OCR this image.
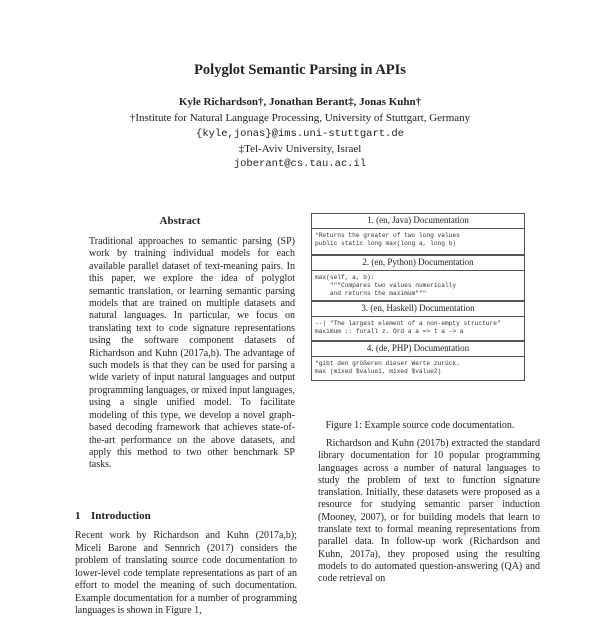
Polyglot Semantic Parsing in APIs
Kyle Richardson†, Jonathan Berant‡, Jonas Kuhn†
†Institute for Natural Language Processing, University of Stuttgart, Germany
{kyle,jonas}@ims.uni-stuttgart.de
‡Tel-Aviv University, Israel
joberant@cs.tau.ac.il
Abstract
Traditional approaches to semantic parsing (SP) work by training individual models for each available parallel dataset of text-meaning pairs. In this paper, we explore the idea of polyglot semantic translation, or learning semantic parsing models that are trained on multiple datasets and natural languages. In particular, we focus on translating text to code signature representations using the software component datasets of Richardson and Kuhn (2017a,b). The advantage of such models is that they can be used for parsing a wide variety of input natural languages and output programming languages, or mixed input languages, using a single unified model. To facilitate modeling of this type, we develop a novel graph-based decoding framework that achieves state-of-the-art performance on the above datasets, and apply this method to two other benchmark SP tasks.
1 Introduction
Recent work by Richardson and Kuhn (2017a,b); Miceli Barone and Sennrich (2017) considers the problem of translating source code documentation to lower-level code template representations as part of an effort to model the meaning of such documentation. Example documentation for a number of programming languages is shown in Figure 1,
1. (en, Java) Documentation
*Returns the greater of two long values
public static long max(long a, long b)
2. (en, Python) Documentation
max(self, a, b):
"""Compares two values numerically
and returns the maximum"""
3. (en, Haskell) Documentation
--| "The largest element of a non-empty structure"
maximum :: forall z. Ord a a => t a -> a
4. (de, PHP) Documentation
*gibt den größeren dieser Werte zurück.
max (mixed $value1, mixed $value2)
Figure 1: Example source code documentation.

Richardson and Kuhn (2017b) extracted the standard library documentation for 10 popular programming languages across a number of natural languages to study the problem of text to function signature translation. Initially, these datasets were proposed as a resource for studying semantic parser induction (Mooney, 2007), or for building models that learn to translate text to formal meaning representations from parallel data. In follow-up work (Richardson and Kuhn, 2017a), they proposed using the resulting models to do automated question-answering (QA) and code retrieval on
